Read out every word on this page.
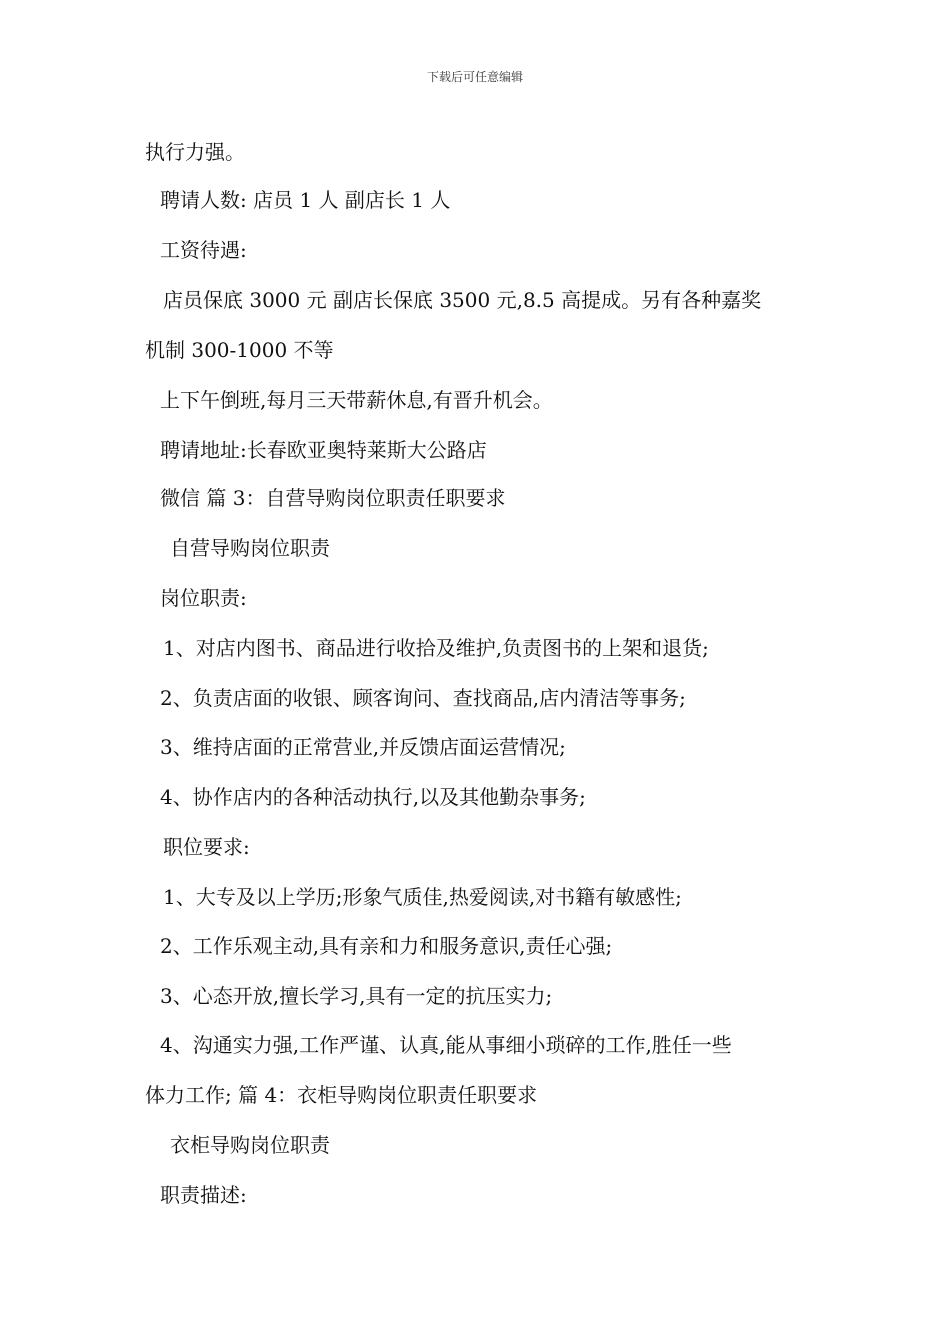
下载后可任意编辑
执行力强。
聘请人数: 店员 1 人 副店长 1 人
工资待遇:
店员保底 3000 元 副店长保底 3500 元,8.5 高提成。另有各种嘉奖
机制 300-1000 不等
上下午倒班,每月三天带薪休息,有晋升机会。
聘请地址:长春欧亚奥特莱斯大公路店
微信 篇 3：自营导购岗位职责任职要求
自营导购岗位职责
岗位职责:
1、对店内图书、商品进行收拾及维护,负责图书的上架和退货;
2、负责店面的收银、顾客询问、查找商品,店内清洁等事务;
3、维持店面的正常营业,并反馈店面运营情况;
4、协作店内的各种活动执行,以及其他勤杂事务;
职位要求:
1、大专及以上学历;形象气质佳,热爱阅读,对书籍有敏感性;
2、工作乐观主动,具有亲和力和服务意识,责任心强;
3、心态开放,擅长学习,具有一定的抗压实力;
4、沟通实力强,工作严谨、认真,能从事细小琐碎的工作,胜任一些
体力工作; 篇 4：衣柜导购岗位职责任职要求
衣柜导购岗位职责
职责描述:
